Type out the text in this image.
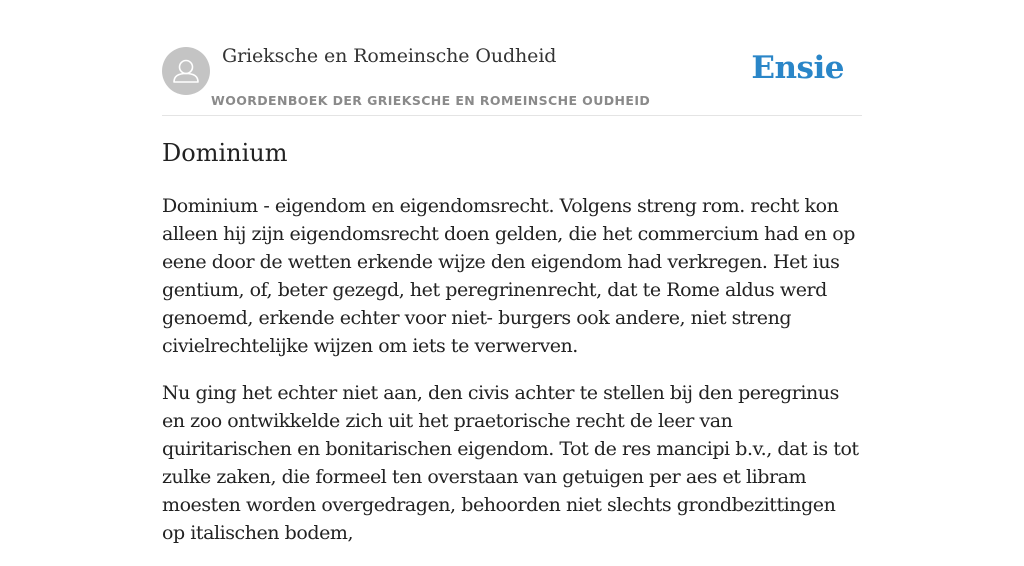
Grieksche en Romeinsche Oudheid
WOORDENBOEK DER GRIEKSCHE EN ROMEINSCHE OUDHEID
Ensie
Dominium

Dominium - eigendom en eigendomsrecht. Volgens streng rom. recht kon alleen hij zijn eigendomsrecht doen gelden, die het commercium had en op eene door de wetten erkende wijze den eigendom had verkregen. Het ius gentium, of, beter gezegd, het peregrinenrecht, dat te Rome aldus werd genoemd, erkende echter voor niet- burgers ook andere, niet streng civielrechtelijke wijzen om iets te verwerven.

Nu ging het echter niet aan, den civis achter te stellen bij den peregrinus en zoo ontwikkelde zich uit het praetorische recht de leer van quiritarischen en bonitarischen eigendom. Tot de res mancipi b.v., dat is tot zulke zaken, die formeel ten overstaan van getuigen per aes et libram moesten worden overgedragen, behoorden niet slechts grondbezittingen op italischen bodem,
